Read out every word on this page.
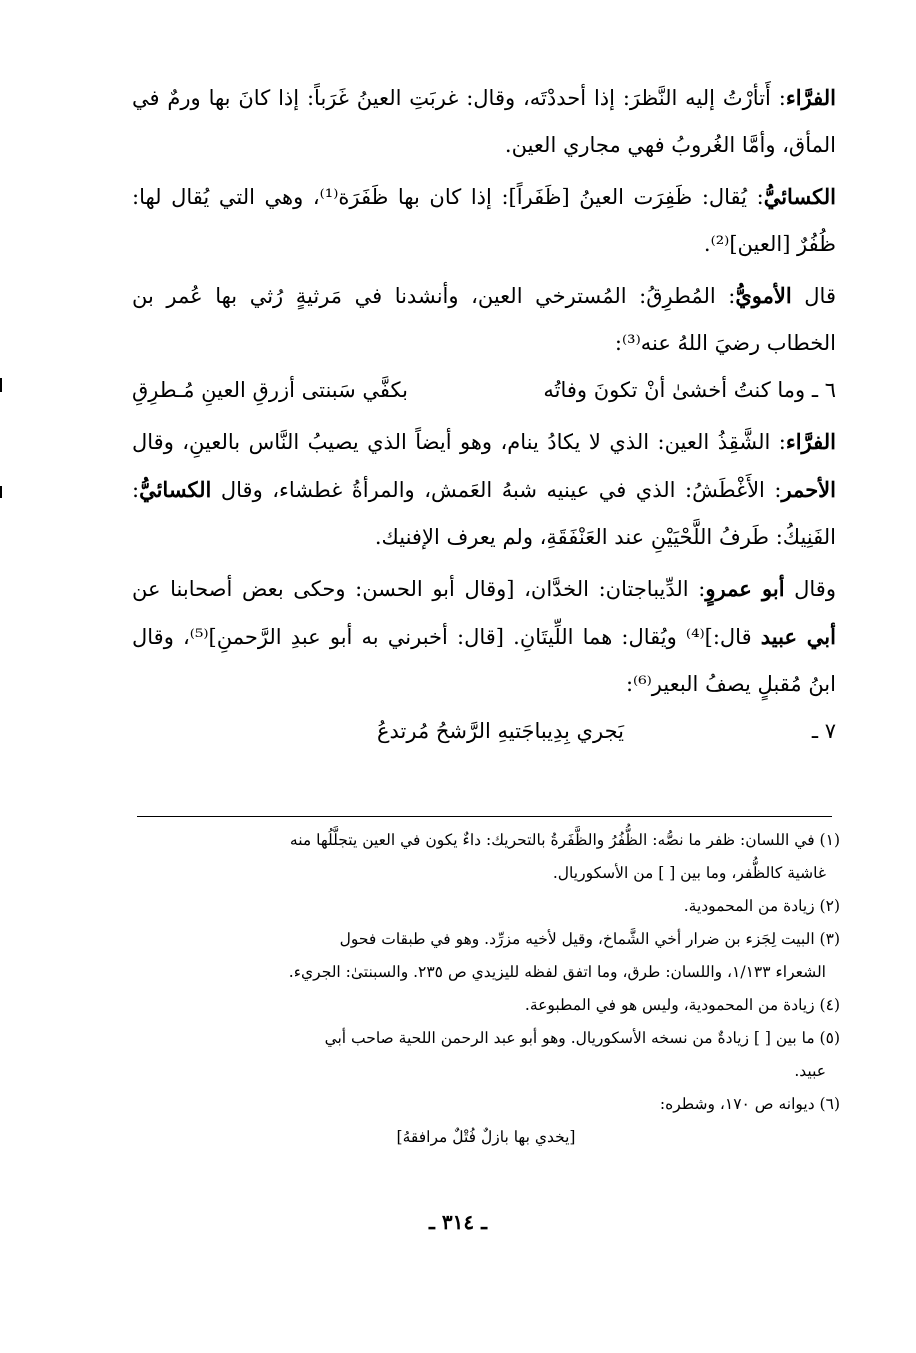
الفرَّاء: أَتأرْتُ إليه النَّظرَ: إذا أحددْتَه، وقال: غربَتِ العينُ غَرَباً: إذا كانَ بها ورمٌ في المأق، وأمَّا الغُروبُ فهي مجاري العين.

الكسائيُّ: يُقال: ظَفِرَت العينُ [ظَفَراً]: إذا كان بها ظَفَرَة⁽¹⁾، وهي التي يُقال لها: ظُفُرٌ [العين]⁽²⁾.

قال الأمويُّ: المُطرِقُ: المُسترخي العين، وأنشدنا في مَرثيةٍ رُثي بها عُمر بن الخطاب رضيَ اللهُ عنه⁽³⁾:

٦ ـ وما كنتُ أخشىٰ أنْ تكونَ وفاتُه
بكفَّي سَبنتى أزرقِ العينِ مُـطرِقِ

الفرَّاء: الشَّقِذُ العين: الذي لا يكادُ ينام، وهو أيضاً الذي يصيبُ النَّاس بالعينِ، وقال الأحمر: الأَغْطَشُ: الذي في عينيه شبهُ العَمش، والمرأةُ غطشاء، وقال الكسائيُّ: الفَنِيكُ: طَرفُ اللَّحْيَيْنِ عند العَنْفَقَةِ، ولم يعرف الإفنيك.

وقال أبو عمروٍ: الدِّيباجتان: الخدَّان، [وقال أبو الحسن: وحكى بعض أصحابنا عن أبي عبيد قال:]⁽⁴⁾ ويُقال: هما اللِّيتَانِ. [قال: أخبرني به أبو عبدِ الرَّحمنِ]⁽⁵⁾، وقال ابنُ مُقبلٍ يصفُ البعير⁽⁶⁾:

٧ ـ
يَجري بِدِيباجَتيهِ الرَّشحُ مُرتدعُ

(١) في اللسان: ظفر ما نصُّه: الظُّفُرُ والظَّفَرةُ بالتحريك: داءٌ يكون في العين يتجلَّلُها منه

غاشية كالظُّفر، وما بين [ ] من الأسكوريال.

(٢) زيادة من المحمودية.

(٣) البيت لِجَزء بن ضرار أخي الشَّماخ، وقيل لأخيه مزرِّد. وهو في طبقات فحول

الشعراء ١/١٣٣، واللسان: طرق، وما اتفق لفظه لليزيدي ص ٢٣٥. والسبنتىٰ: الجريء.

(٤) زيادة من المحمودية، وليس هو في المطبوعة.

(٥) ما بين [ ] زيادةٌ من نسخه الأسكوريال. وهو أبو عبد الرحمن اللحية صاحب أبي

عبيد.

(٦) ديوانه ص ١٧٠، وشطره:

[يخدي بها بازلٌ فُتْلٌ مرافقهُ]

ـ ٣١٤ ـ
